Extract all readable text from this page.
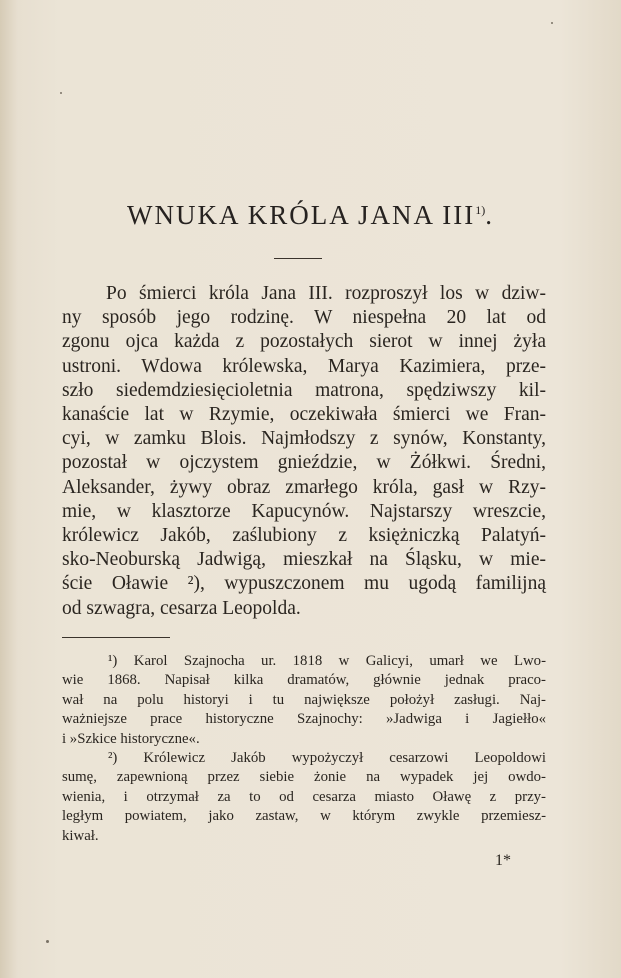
WNUKA KRÓLA JANA III$^{1)}$.
Po śmierci króla Jana III. rozproszył los w dziw-
ny sposób jego rodzinę. W niespełna 20 lat od
zgonu ojca każda z pozostałych sierot w innej żyła
ustroni. Wdowa królewska, Marya Kazimiera, prze-
szło siedemdziesięcioletnia matrona, spędziwszy kil-
kanaście lat w Rzymie, oczekiwała śmierci we Fran-
cyi, w zamku Blois. Najmłodszy z synów, Konstanty,
pozostał w ojczystem gnieździe, w Żółkwi. Średni,
Aleksander, żywy obraz zmarłego króla, gasł w Rzy-
mie, w klasztorze Kapucynów. Najstarszy wreszcie,
królewicz Jakób, zaślubiony z księżniczką Palatyń-
sko-Neoburską Jadwigą, mieszkał na Śląsku, w mie-
ście Oławie ²), wypuszczonem mu ugodą familijną
od szwagra, cesarza Leopolda.
¹) Karol Szajnocha ur. 1818 w Galicyi, umarł we Lwo-
wie 1868. Napisał kilka dramatów, głównie jednak praco-
wał na polu historyi i tu największe położył zasługi. Naj-
ważniejsze prace historyczne Szajnochy: »Jadwiga i Jagiełło«
i »Szkice historyczne«.
²) Królewicz Jakób wypożyczył cesarzowi Leopoldowi
sumę, zapewnioną przez siebie żonie na wypadek jej owdo-
wienia, i otrzymał za to od cesarza miasto Oławę z przy-
ległym powiatem, jako zastaw, w którym zwykle przemiesz-
kiwał.
1*
